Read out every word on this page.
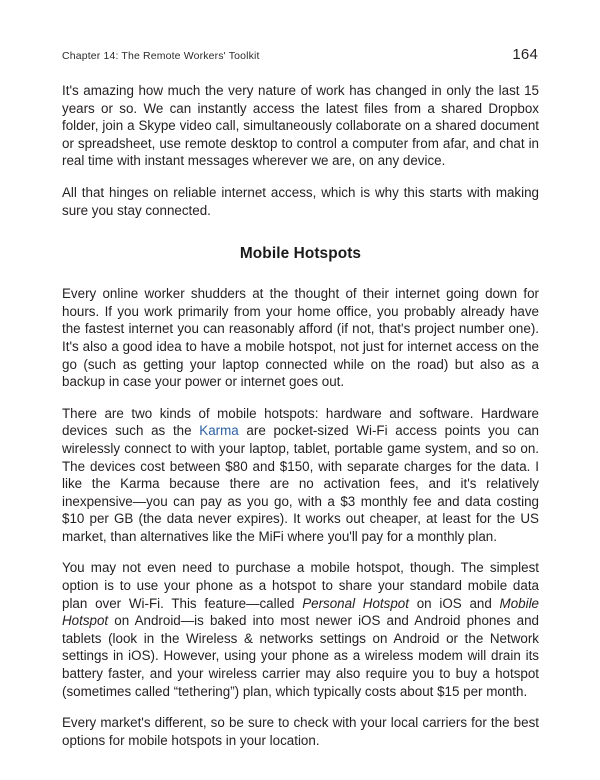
Chapter 14: The Remote Workers' Toolkit	164

It's amazing how much the very nature of work has changed in only the last 15 years or so. We can instantly access the latest files from a shared Dropbox folder, join a Skype video call, simultaneously collaborate on a shared document or spreadsheet, use remote desktop to control a computer from afar, and chat in real time with instant messages wherever we are, on any device.

All that hinges on reliable internet access, which is why this starts with making sure you stay connected.

Mobile Hotspots

Every online worker shudders at the thought of their internet going down for hours. If you work primarily from your home office, you probably already have the fastest internet you can reasonably afford (if not, that's project number one). It's also a good idea to have a mobile hotspot, not just for internet access on the go (such as getting your laptop connected while on the road) but also as a backup in case your power or internet goes out.

There are two kinds of mobile hotspots: hardware and software. Hardware devices such as the Karma are pocket-sized Wi-Fi access points you can wirelessly connect to with your laptop, tablet, portable game system, and so on. The devices cost between $80 and $150, with separate charges for the data. I like the Karma because there are no activation fees, and it's relatively inexpensive—you can pay as you go, with a $3 monthly fee and data costing $10 per GB (the data never expires). It works out cheaper, at least for the US market, than alternatives like the MiFi where you'll pay for a monthly plan.

You may not even need to purchase a mobile hotspot, though. The simplest option is to use your phone as a hotspot to share your standard mobile data plan over Wi-Fi. This feature—called Personal Hotspot on iOS and Mobile Hotspot on Android—is baked into most newer iOS and Android phones and tablets (look in the Wireless & networks settings on Android or the Network settings in iOS). However, using your phone as a wireless modem will drain its battery faster, and your wireless carrier may also require you to buy a hotspot (sometimes called “tethering”) plan, which typically costs about $15 per month.

Every market's different, so be sure to check with your local carriers for the best options for mobile hotspots in your location.
